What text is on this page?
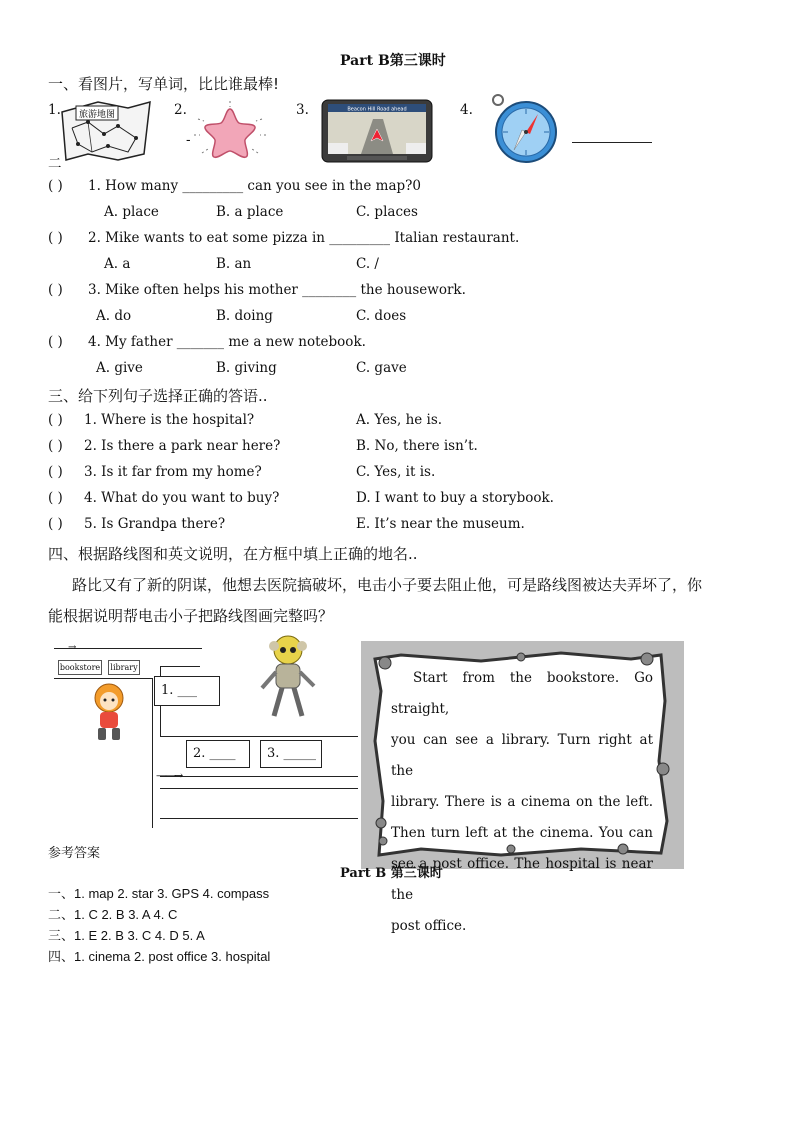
Part B第三课时
一、看图片，写单词，比比谁最棒!
1. 旅游地图
二
2.
-
3.	Beacon Hill Road ahead	4.
( ) 1. How many _________ can you see in the map?0
A. place	B. a place	C. places
( ) 2. Mike wants to eat some pizza in _________ Italian restaurant.
A. a	B. an	C. /
( ) 3. Mike often helps his mother ________ the housework.
A. do	B. doing	C. does
( ) 4. My father _______ me a new notebook.
A. give	B. giving	C. gave
三、给下列句子选择正确的答语..
( ) 1. Where is the hospital?	A. Yes, he is.
( ) 2. Is there a park near here?	B. No, there isn’t.
( ) 3. Is it far from my home?	C. Yes, it is.
( ) 4. What do you want to buy?	D. I want to buy a storybook.
( ) 5. Is Grandpa there?	E. It’s near the museum.
四、根据路线图和英文说明，在方框中填上正确的地名..
路比又有了新的阴谋，他想去医院搞破坏，电击小子要去阻止他，可是路线图被达夫弄坏了，你
能根据说明帮电击小子把路线图画完整吗？
→
bookstore	library
1. ___
2. ____	3. _____
——→
Start from the bookstore. Go straight,
you can see a library. Turn right at the
library. There is a cinema on the left.
Then turn left at the cinema. You can
see a post office. The hospital is near the
post office.
参考答案
Part B 第三课时
一、1. map 2. star 3. GPS 4. compass
二、1. C 2. B 3. A 4. C
三、1. E 2. B 3. C 4. D 5. A
四、1. cinema 2. post office 3. hospital
